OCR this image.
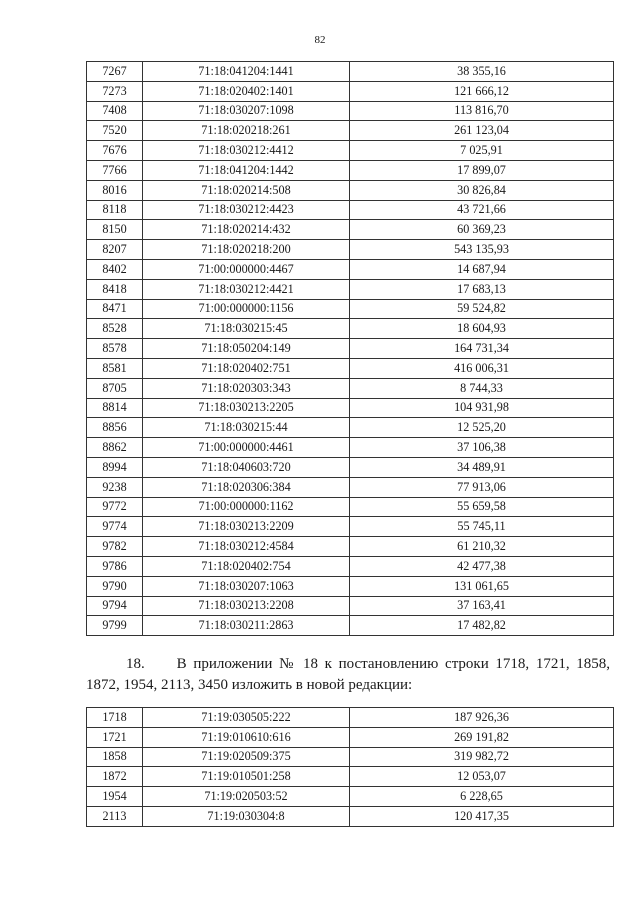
82
7267	71:18:041204:1441	38 355,16
7273	71:18:020402:1401	121 666,12
7408	71:18:030207:1098	113 816,70
7520	71:18:020218:261	261 123,04
7676	71:18:030212:4412	7 025,91
7766	71:18:041204:1442	17 899,07
8016	71:18:020214:508	30 826,84
8118	71:18:030212:4423	43 721,66
8150	71:18:020214:432	60 369,23
8207	71:18:020218:200	543 135,93
8402	71:00:000000:4467	14 687,94
8418	71:18:030212:4421	17 683,13
8471	71:00:000000:1156	59 524,82
8528	71:18:030215:45	18 604,93
8578	71:18:050204:149	164 731,34
8581	71:18:020402:751	416 006,31
8705	71:18:020303:343	8 744,33
8814	71:18:030213:2205	104 931,98
8856	71:18:030215:44	12 525,20
8862	71:00:000000:4461	37 106,38
8994	71:18:040603:720	34 489,91
9238	71:18:020306:384	77 913,06
9772	71:00:000000:1162	55 659,58
9774	71:18:030213:2209	55 745,11
9782	71:18:030212:4584	61 210,32
9786	71:18:020402:754	42 477,38
9790	71:18:030207:1063	131 061,65
9794	71:18:030213:2208	37 163,41
9799	71:18:030211:2863	17 482,82

18. В приложении № 18 к постановлению строки 1718, 1721, 1858, 1872, 1954, 2113, 3450 изложить в новой редакции:

1718	71:19:030505:222	187 926,36
1721	71:19:010610:616	269 191,82
1858	71:19:020509:375	319 982,72
1872	71:19:010501:258	12 053,07
1954	71:19:020503:52	6 228,65
2113	71:19:030304:8	120 417,35
